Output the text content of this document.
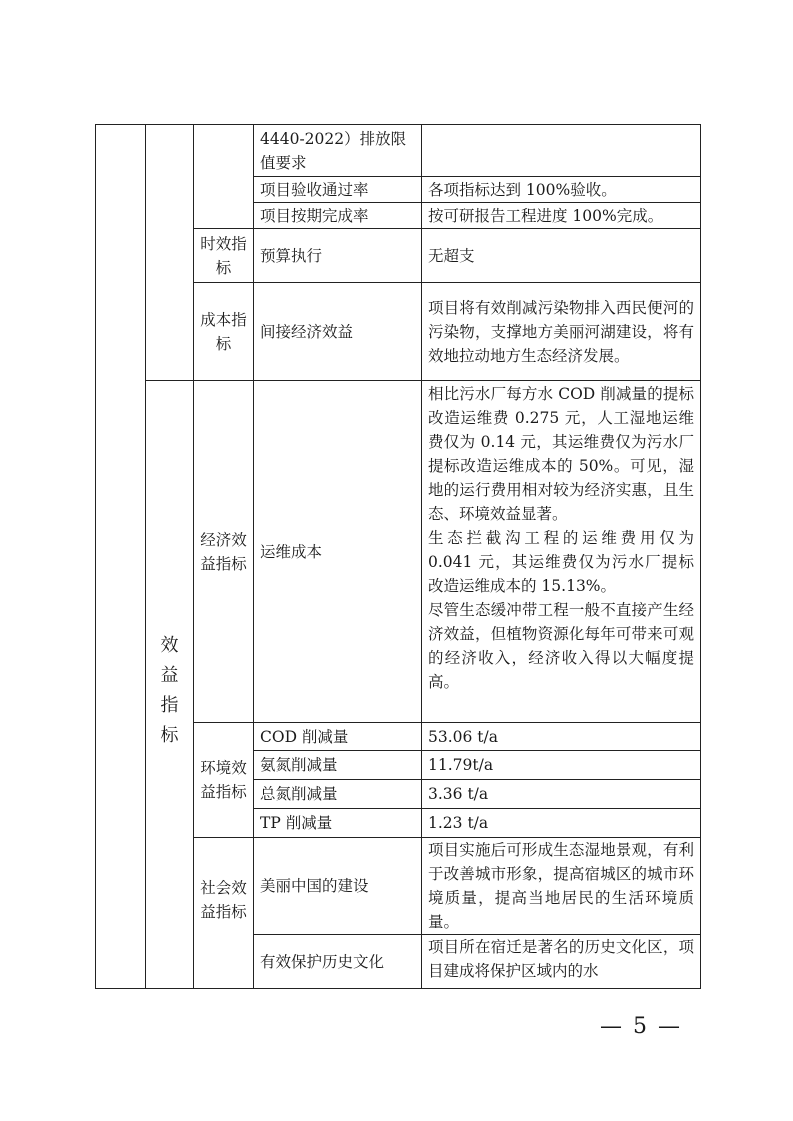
			4440-2022）排放限值要求	
			项目验收通过率	各项指标达到 100%验收。
			项目按期完成率	按可研报告工程进度 100%完成。
		时效指标	预算执行	无超支
		成本指标	间接经济效益	项目将有效削减污染物排入西民便河的污染物，支撑地方美丽河湖建设，将有效地拉动地方生态经济发展。
	效益指标	经济效益指标	运维成本	相比污水厂每方水 COD 削减量的提标改造运维费 0.275 元，人工湿地运维费仅为 0.14 元，其运维费仅为污水厂提标改造运维成本的 50%。可见，湿地的运行费用相对较为经济实惠，且生态、环境效益显著。
生态拦截沟工程的运维费用仅为 0.041 元，其运维费仅为污水厂提标改造运维成本的 15.13%。
尽管生态缓冲带工程一般不直接产生经济效益，但植物资源化每年可带来可观的经济收入，经济收入得以大幅度提高。

		环境效益指标	COD 削减量	53.06 t/a
			氨氮削减量	11.79t/a
			总氮削减量	3.36 t/a
			TP 削减量	1.23 t/a
		社会效益指标	美丽中国的建设	项目实施后可形成生态湿地景观，有利于改善城市形象，提高宿城区的城市环境质量，提高当地居民的生活环境质量。
			有效保护历史文化	项目所在宿迁是著名的历史文化区，项目建成将保护区域内的水
— 5 —
